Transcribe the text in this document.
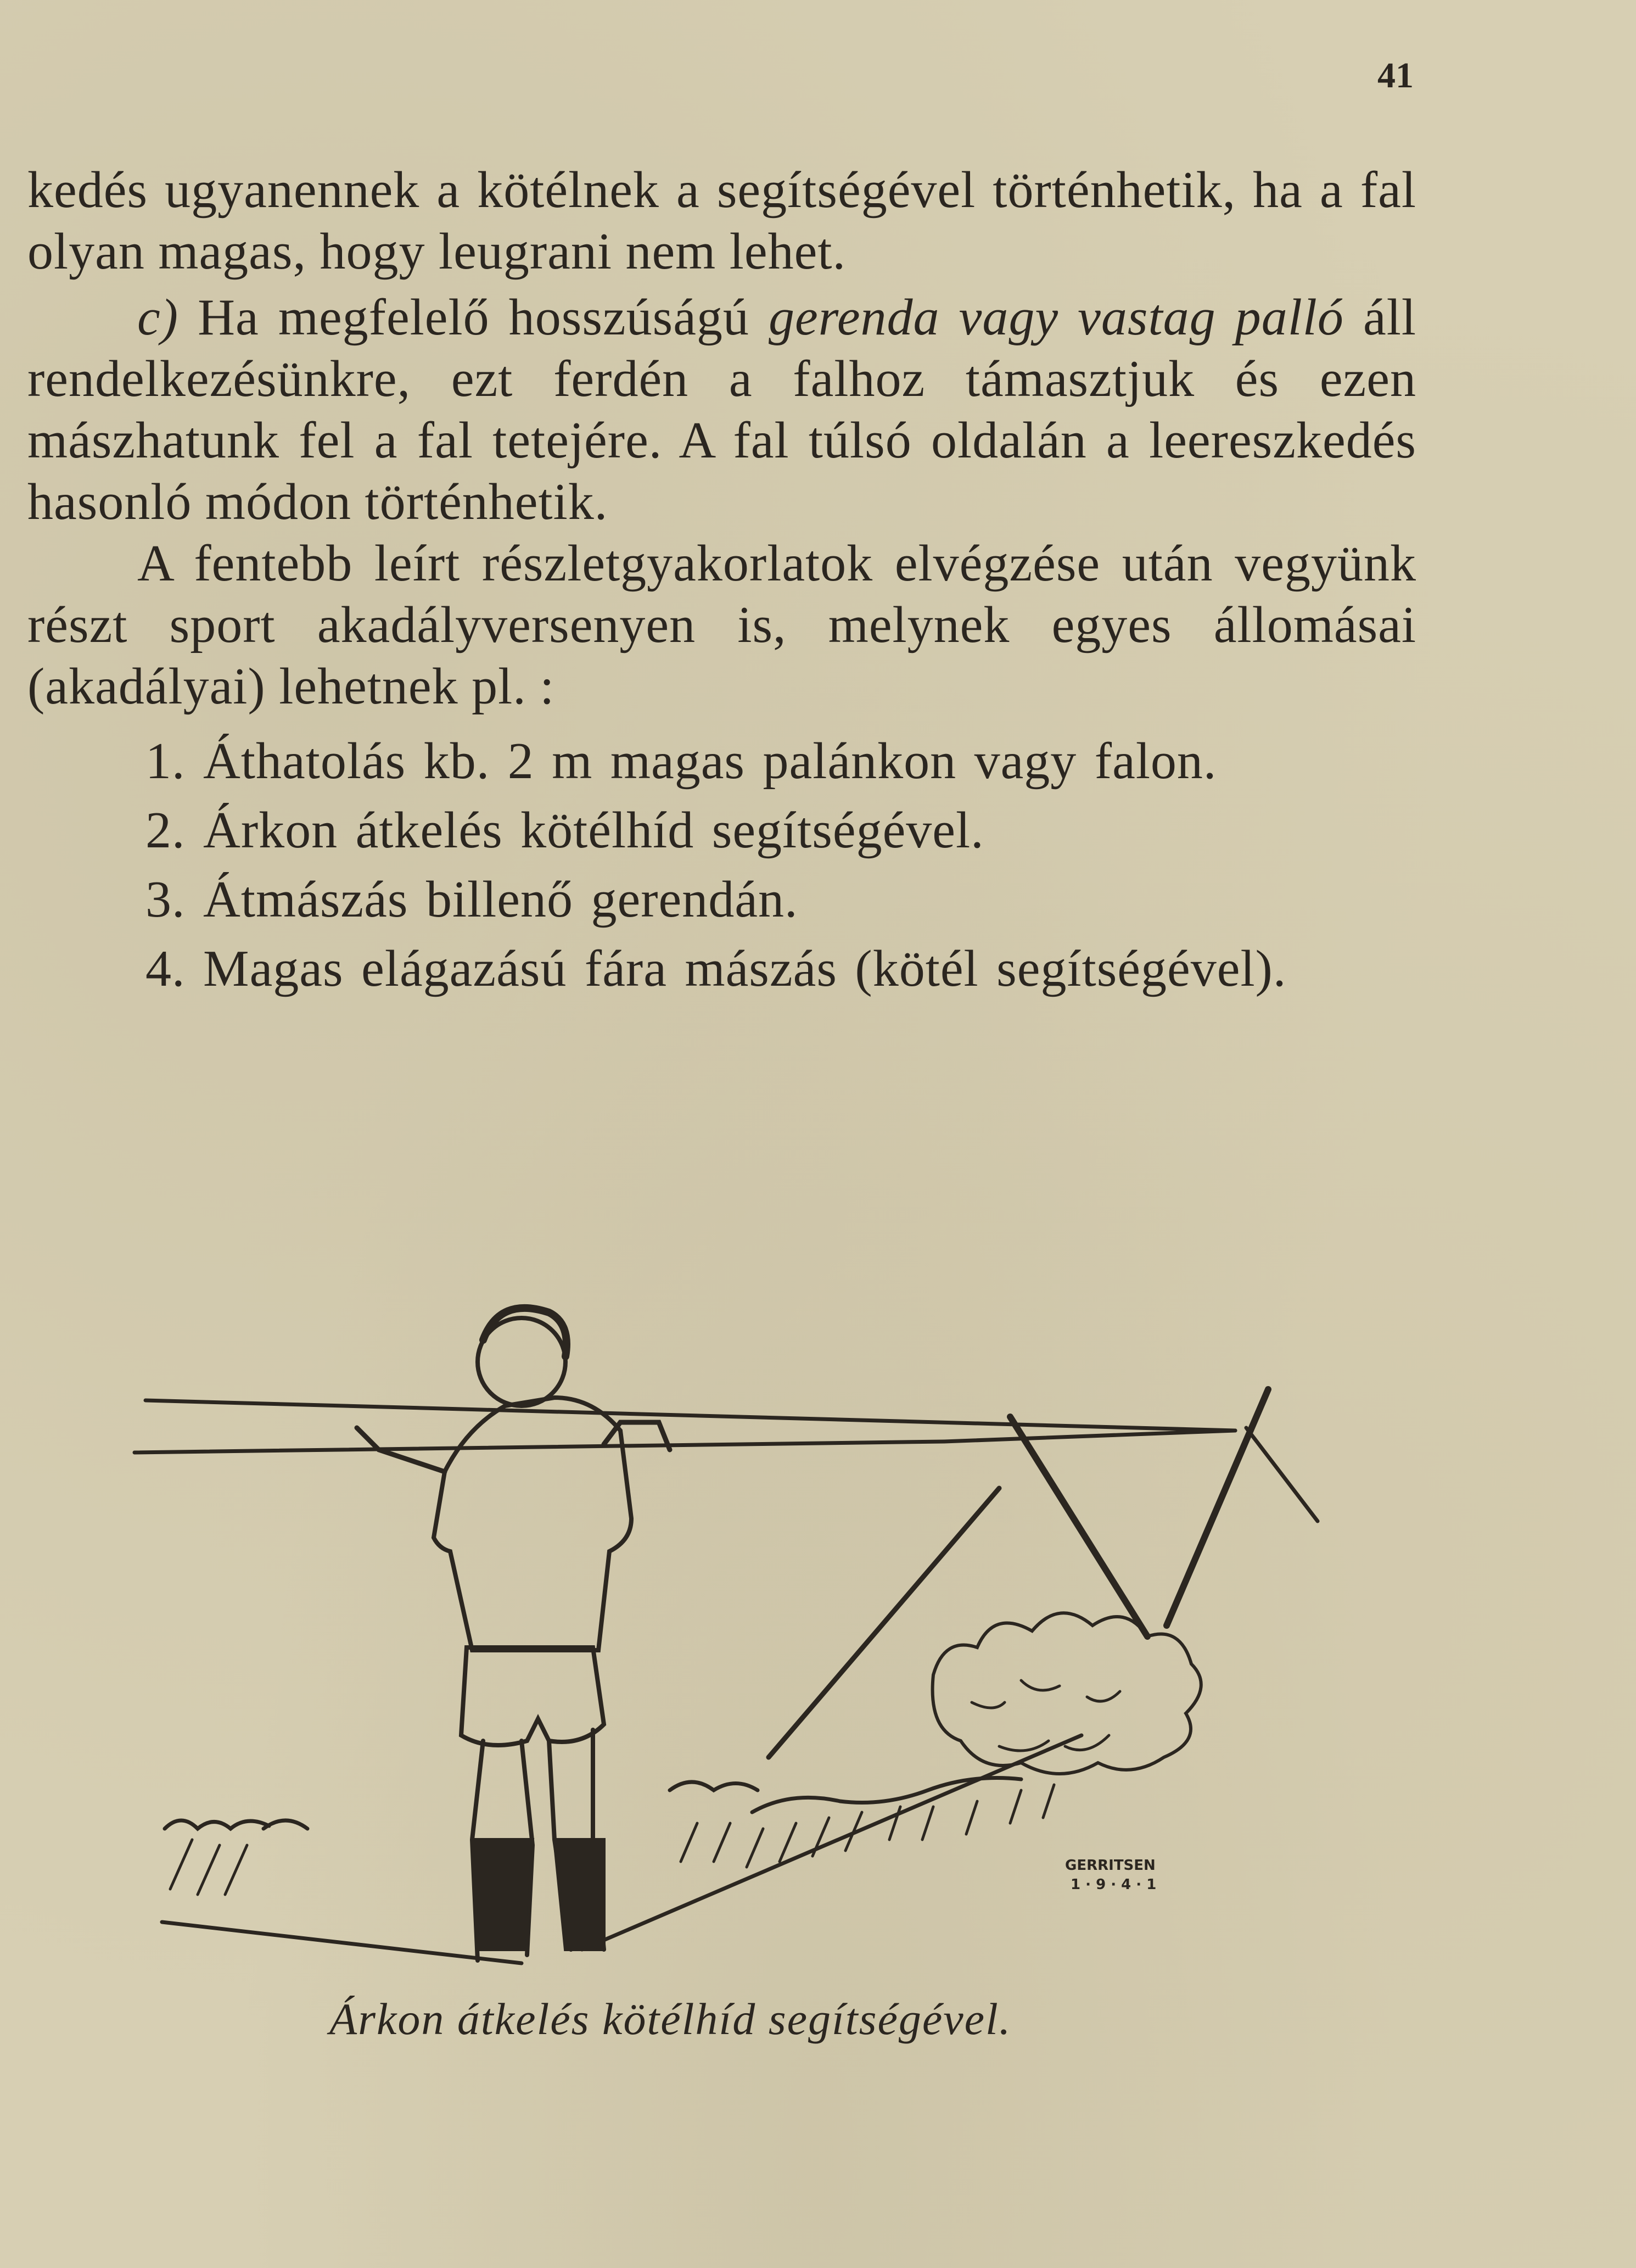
41

kedés ugyanennek a kötélnek a segítségével történhetik, ha a fal olyan magas, hogy leugrani nem lehet.

c) Ha megfelelő hosszúságú gerenda vagy vastag palló áll rendelkezésünkre, ezt ferdén a falhoz támasztjuk és ezen mászhatunk fel a fal tetejére. A fal túlsó oldalán a leereszkedés hasonló módon történhetik.

A fentebb leírt részletgyakorlatok elvégzése után vegyünk részt sport akadályversenyen is, melynek egyes állomásai (akadályai) lehetnek pl. :

1. Áthatolás kb. 2 m magas palánkon vagy falon.

2. Árkon átkelés kötélhíd segítségével.

3. Átmászás billenő gerendán.

4. Magas elágazású fára mászás (kötél segítségével).

GERRITSEN
1 · 9 · 4 · 1
Árkon átkelés kötélhíd segítségével.
